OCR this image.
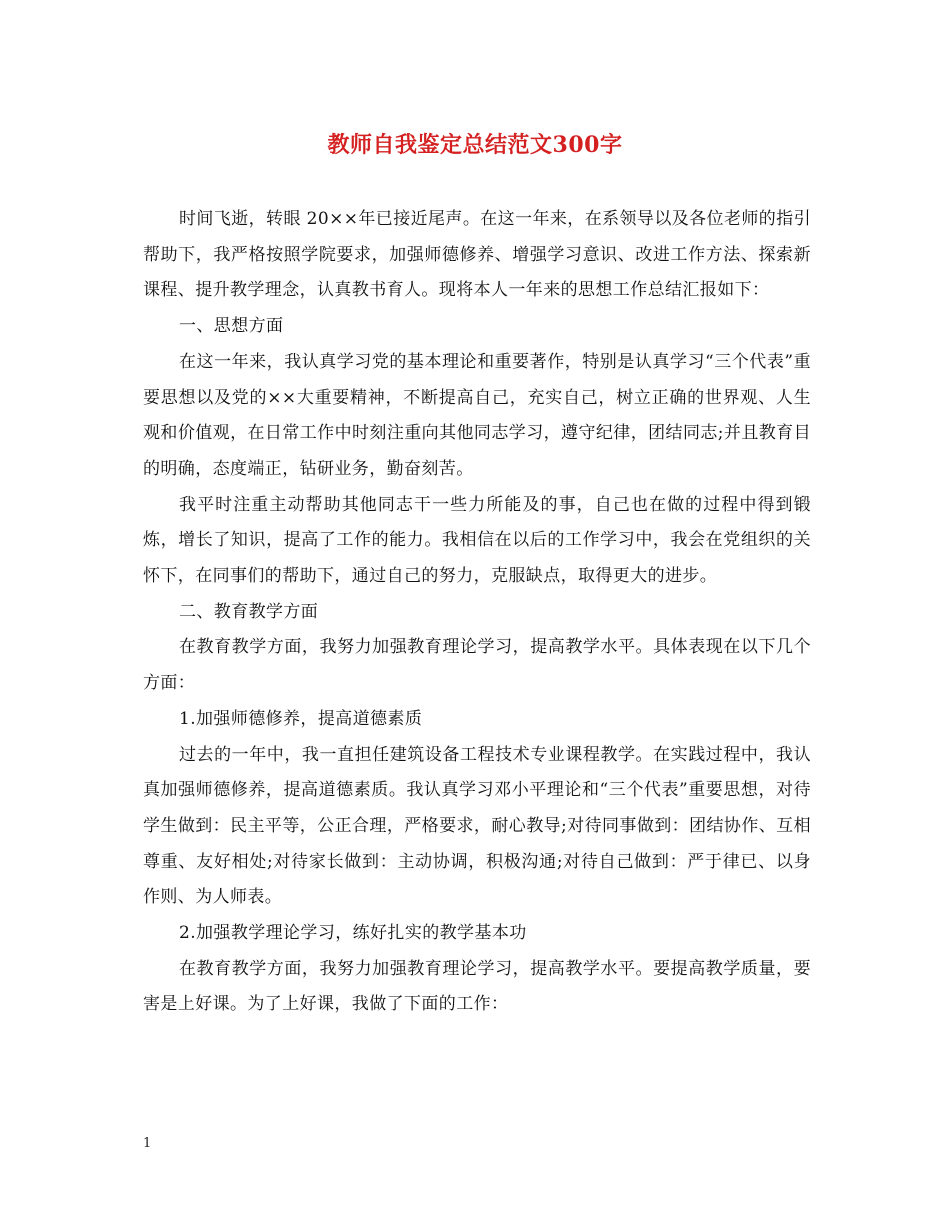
教师自我鉴定总结范文300字

时间飞逝，转眼 20××年已接近尾声。在这一年来，在系领导以及各位老师的指引帮助下，我严格按照学院要求，加强师德修养、增强学习意识、改进工作方法、探索新课程、提升教学理念，认真教书育人。现将本人一年来的思想工作总结汇报如下：

一、思想方面

在这一年来，我认真学习党的基本理论和重要著作，特别是认真学习“三个代表”重要思想以及党的××大重要精神，不断提高自己，充实自己，树立正确的世界观、人生观和价值观，在日常工作中时刻注重向其他同志学习，遵守纪律，团结同志;并且教育目的明确，态度端正，钻研业务，勤奋刻苦。

我平时注重主动帮助其他同志干一些力所能及的事，自己也在做的过程中得到锻炼，增长了知识，提高了工作的能力。我相信在以后的工作学习中，我会在党组织的关怀下，在同事们的帮助下，通过自己的努力，克服缺点，取得更大的进步。

二、教育教学方面

在教育教学方面，我努力加强教育理论学习，提高教学水平。具体表现在以下几个方面：

1.加强师德修养，提高道德素质

过去的一年中，我一直担任建筑设备工程技术专业课程教学。在实践过程中，我认真加强师德修养，提高道德素质。我认真学习邓小平理论和“三个代表”重要思想，对待学生做到：民主平等，公正合理，严格要求，耐心教导;对待同事做到：团结协作、互相尊重、友好相处;对待家长做到：主动协调，积极沟通;对待自己做到：严于律已、以身作则、为人师表。

2.加强教学理论学习，练好扎实的教学基本功

在教育教学方面，我努力加强教育理论学习，提高教学水平。要提高教学质量，要害是上好课。为了上好课，我做了下面的工作：

1
